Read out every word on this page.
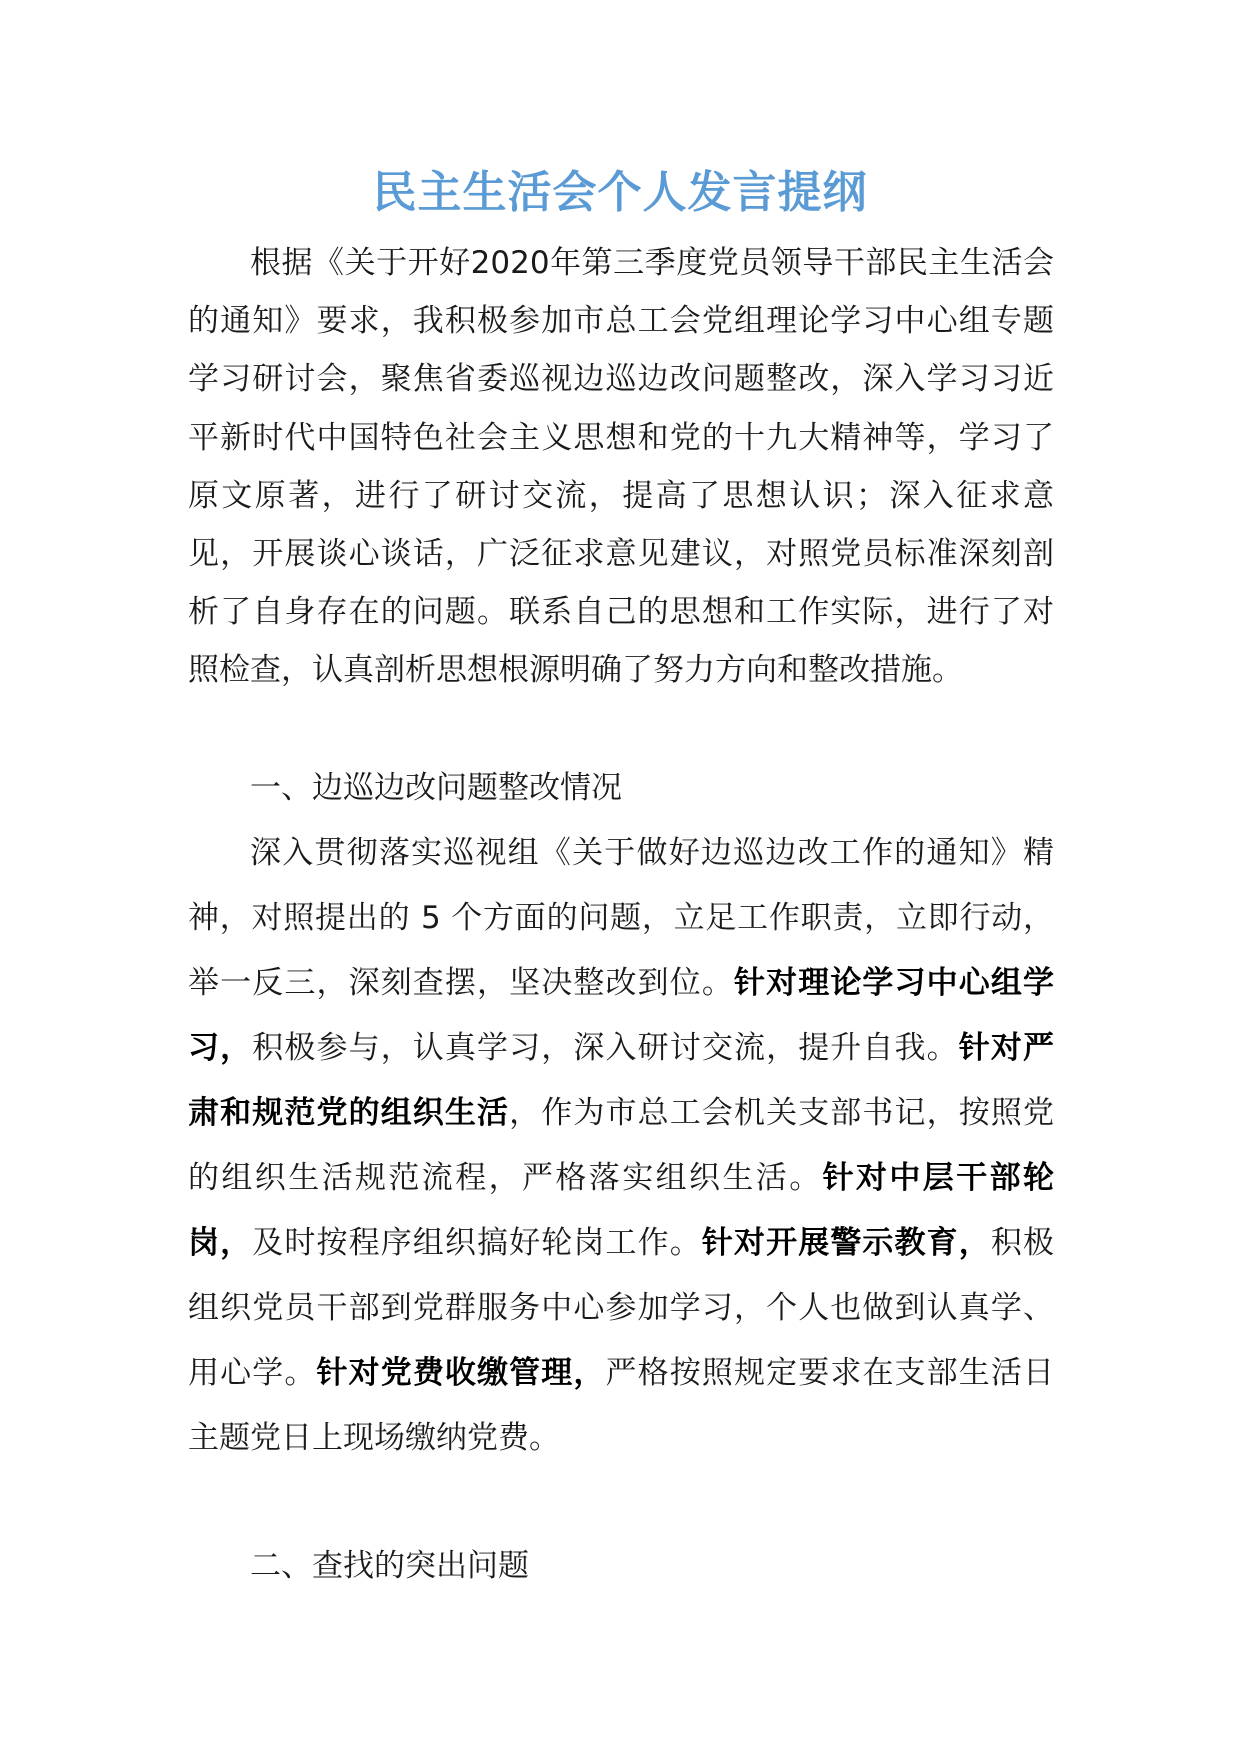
民主生活会个人发言提纲

根据《关于开好2020年第三季度党员领导干部民主生活会的通知》要求，我积极参加市总工会党组理论学习中心组专题学习研讨会，聚焦省委巡视边巡边改问题整改，深入学习习近平新时代中国特色社会主义思想和党的十九大精神等，学习了原文原著，进行了研讨交流，提高了思想认识；深入征求意见，开展谈心谈话，广泛征求意见建议，对照党员标准深刻剖析了自身存在的问题。联系自己的思想和工作实际，进行了对照检查，认真剖析思想根源明确了努力方向和整改措施。

一、边巡边改问题整改情况

深入贯彻落实巡视组《关于做好边巡边改工作的通知》精神，对照提出的 5 个方面的问题，立足工作职责，立即行动，举一反三，深刻查摆，坚决整改到位。针对理论学习中心组学习，积极参与，认真学习，深入研讨交流，提升自我。针对严肃和规范党的组织生活，作为市总工会机关支部书记，按照党的组织生活规范流程，严格落实组织生活。针对中层干部轮岗，及时按程序组织搞好轮岗工作。针对开展警示教育，积极组织党员干部到党群服务中心参加学习，个人也做到认真学、用心学。针对党费收缴管理，严格按照规定要求在支部生活日主题党日上现场缴纳党费。

二、查找的突出问题
